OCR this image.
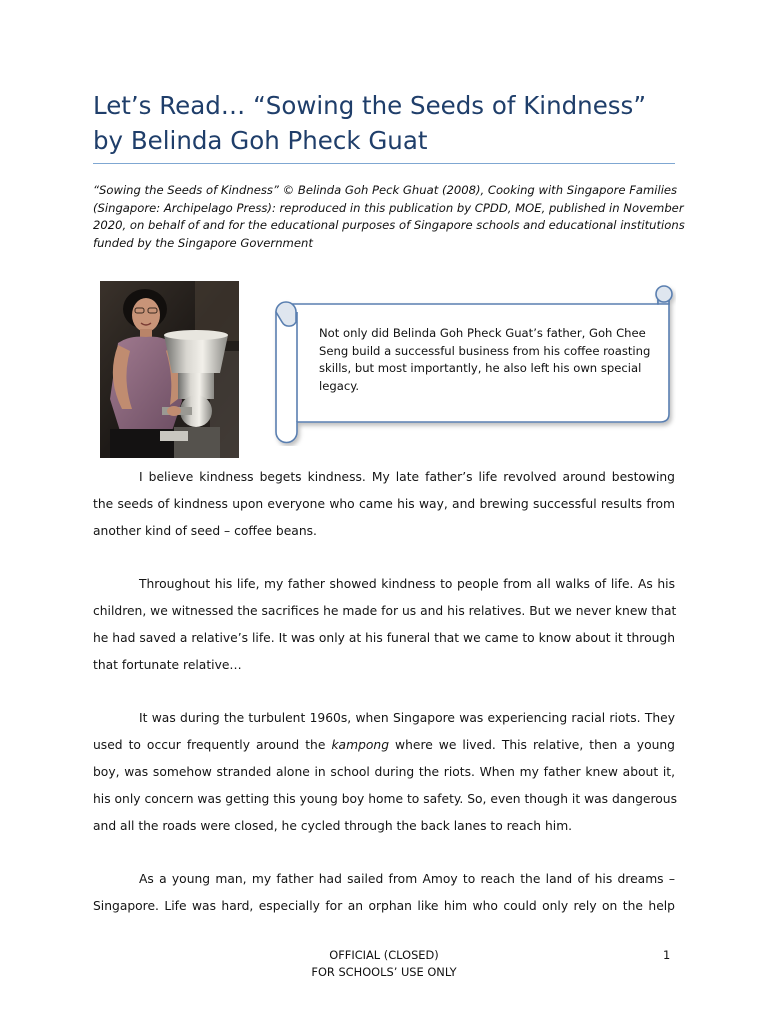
Let’s Read… “Sowing the Seeds of Kindness”
by Belinda Goh Pheck Guat

“Sowing the Seeds of Kindness” © Belinda Goh Peck Ghuat (2008), Cooking with Singapore Families
(Singapore: Archipelago Press): reproduced in this publication by CPDD, MOE, published in November
2020, on behalf of and for the educational purposes of Singapore schools and educational institutions
funded by the Singapore Government

Not only did Belinda Goh Pheck Guat’s father, Goh Chee
Seng build a successful business from his coffee roasting
skills, but most importantly, he also left his own special
legacy.

I believe kindness begets kindness. My late father’s life revolved around bestowing
the seeds of kindness upon everyone who came his way, and brewing successful results from
another kind of seed – coffee beans.
Throughout his life, my father showed kindness to people from all walks of life. As his
children, we witnessed the sacrifices he made for us and his relatives. But we never knew that
he had saved a relative’s life. It was only at his funeral that we came to know about it through
that fortunate relative…
It was during the turbulent 1960s, when Singapore was experiencing racial riots. They
used to occur frequently around the kampong where we lived. This relative, then a young
boy, was somehow stranded alone in school during the riots. When my father knew about it,
his only concern was getting this young boy home to safety. So, even though it was dangerous
and all the roads were closed, he cycled through the back lanes to reach him.
As a young man, my father had sailed from Amoy to reach the land of his dreams –
Singapore. Life was hard, especially for an orphan like him who could only rely on the help
OFFICIAL (CLOSED)
FOR SCHOOLS’ USE ONLY
1
